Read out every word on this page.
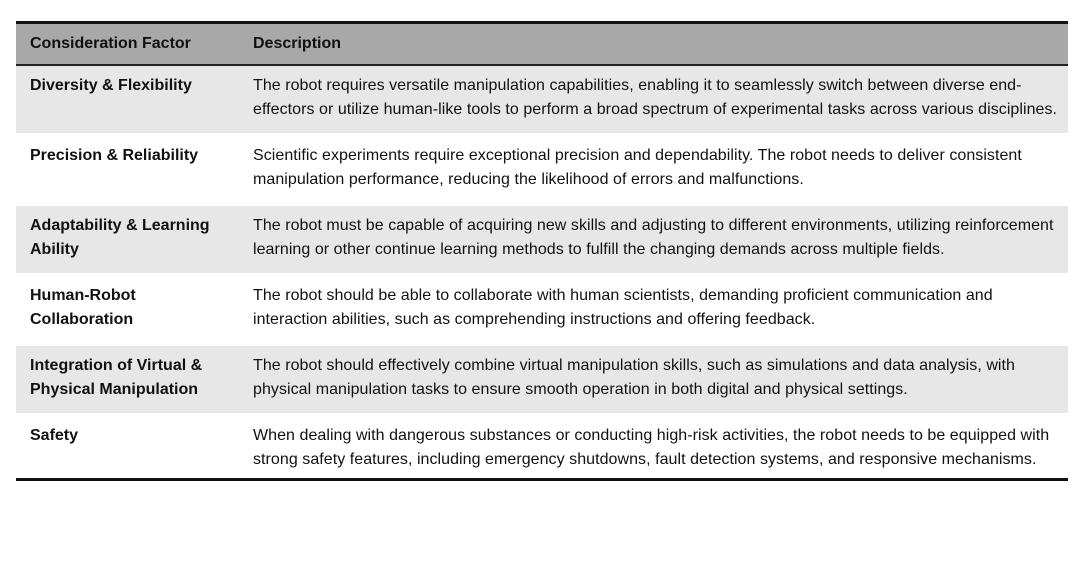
Consideration Factor	Description
Diversity & Flexibility	The robot requires versatile manipulation capabilities, enabling it to seamlessly switch between diverse end-effectors or utilize human-like tools to perform a broad spectrum of experimental tasks across various disciplines.
Precision & Reliability	Scientific experiments require exceptional precision and dependability. The robot needs to deliver consistent manipulation performance, reducing the likelihood of errors and malfunctions.
Adaptability & Learning Ability	The robot must be capable of acquiring new skills and adjusting to different environments, utilizing reinforcement learning or other continue learning methods to fulfill the changing demands across multiple fields.
Human-Robot Collaboration	The robot should be able to collaborate with human scientists, demanding proficient communication and interaction abilities, such as comprehending instructions and offering feedback.
Integration of Virtual & Physical Manipulation	The robot should effectively combine virtual manipulation skills, such as simulations and data analysis, with physical manipulation tasks to ensure smooth operation in both digital and physical settings.
Safety	When dealing with dangerous substances or conducting high-risk activities, the robot needs to be equipped with strong safety features, including emergency shutdowns, fault detection systems, and responsive mechanisms.
